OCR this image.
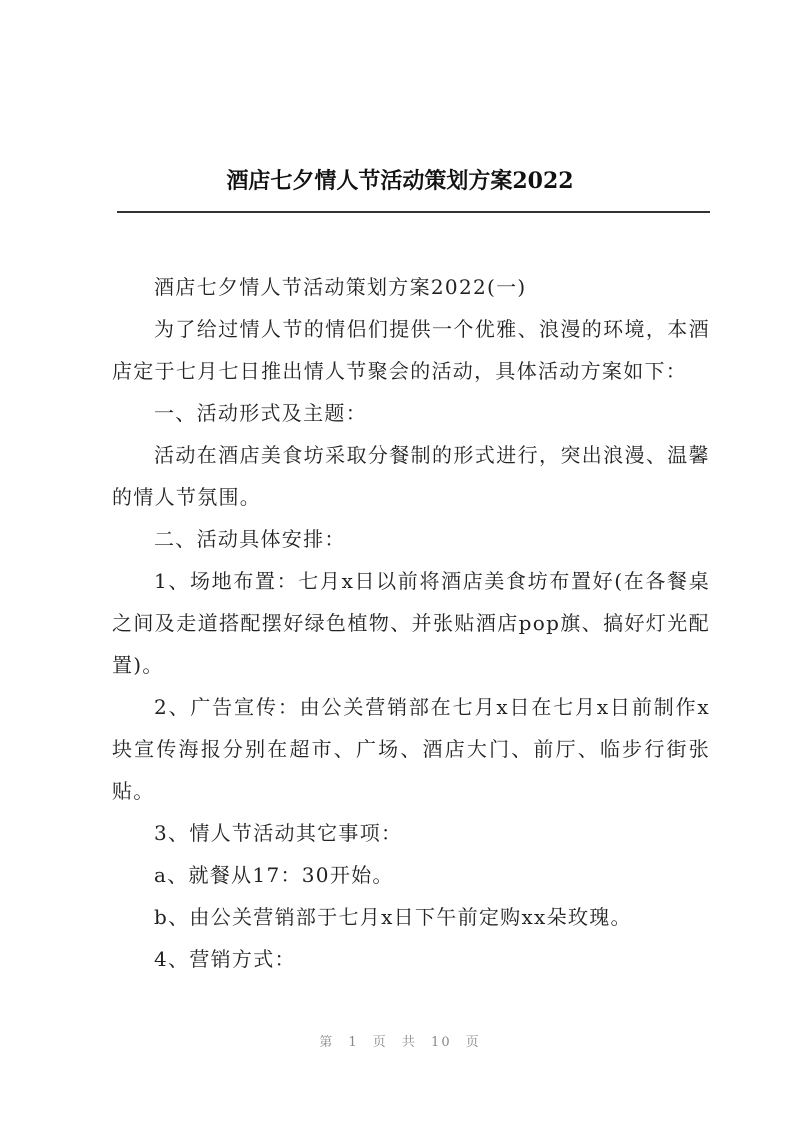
酒店七夕情人节活动策划方案2022

酒店七夕情人节活动策划方案2022(一)

为了给过情人节的情侣们提供一个优雅、浪漫的环境，本酒店定于七月七日推出情人节聚会的活动，具体活动方案如下：

一、活动形式及主题：

活动在酒店美食坊采取分餐制的形式进行，突出浪漫、温馨的情人节氛围。

二、活动具体安排：

1、场地布置：七月x日以前将酒店美食坊布置好(在各餐桌之间及走道搭配摆好绿色植物、并张贴酒店pop旗、搞好灯光配置)。

2、广告宣传：由公关营销部在七月x日在七月x日前制作x块宣传海报分别在超市、广场、酒店大门、前厅、临步行街张贴。

3、情人节活动其它事项：

a、就餐从17：30开始。

b、由公关营销部于七月x日下午前定购xx朵玫瑰。

4、营销方式：

第 1 页 共 10 页
